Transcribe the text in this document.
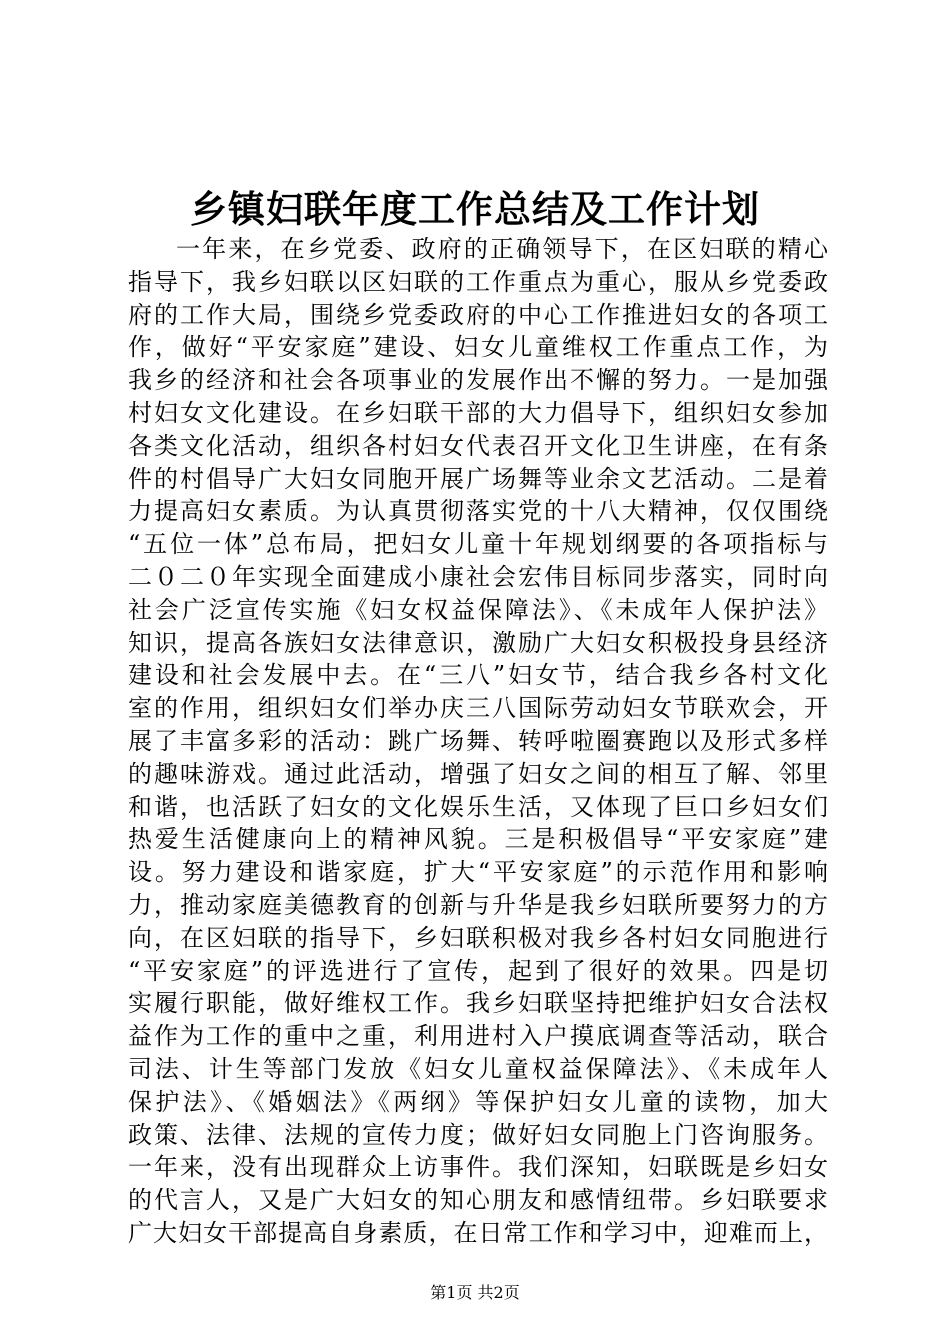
乡镇妇联年度工作总结及工作计划
一年来，在乡党委、政府的正确领导下，在区妇联的精心
指导下，我乡妇联以区妇联的工作重点为重心，服从乡党委政
府的工作大局，围绕乡党委政府的中心工作推进妇女的各项工
作，做好“平安家庭”建设、妇女儿童维权工作重点工作，为
我乡的经济和社会各项事业的发展作出不懈的努力。一是加强
村妇女文化建设。在乡妇联干部的大力倡导下，组织妇女参加
各类文化活动，组织各村妇女代表召开文化卫生讲座，在有条
件的村倡导广大妇女同胞开展广场舞等业余文艺活动。二是着
力提高妇女素质。为认真贯彻落实党的十八大精神，仅仅围绕
“五位一体”总布局，把妇女儿童十年规划纲要的各项指标与
二０二０年实现全面建成小康社会宏伟目标同步落实，同时向
社会广泛宣传实施《妇女权益保障法》、《未成年人保护法》
知识，提高各族妇女法律意识，激励广大妇女积极投身县经济
建设和社会发展中去。在“三八”妇女节，结合我乡各村文化
室的作用，组织妇女们举办庆三八国际劳动妇女节联欢会，开
展了丰富多彩的活动：跳广场舞、转呼啦圈赛跑以及形式多样
的趣味游戏。通过此活动，增强了妇女之间的相互了解、邻里
和谐，也活跃了妇女的文化娱乐生活，又体现了巨口乡妇女们
热爱生活健康向上的精神风貌。三是积极倡导“平安家庭”建
设。努力建设和谐家庭，扩大“平安家庭”的示范作用和影响
力，推动家庭美德教育的创新与升华是我乡妇联所要努力的方
向，在区妇联的指导下，乡妇联积极对我乡各村妇女同胞进行
“平安家庭”的评选进行了宣传，起到了很好的效果。四是切
实履行职能，做好维权工作。我乡妇联坚持把维护妇女合法权
益作为工作的重中之重，利用进村入户摸底调查等活动，联合
司法、计生等部门发放《妇女儿童权益保障法》、《未成年人
保护法》、《婚姻法》《两纲》等保护妇女儿童的读物，加大
政策、法律、法规的宣传力度；做好妇女同胞上门咨询服务。
一年来，没有出现群众上访事件。我们深知，妇联既是乡妇女
的代言人，又是广大妇女的知心朋友和感情纽带。乡妇联要求
广大妇女干部提高自身素质，在日常工作和学习中，迎难而上，
第1页 共2页
